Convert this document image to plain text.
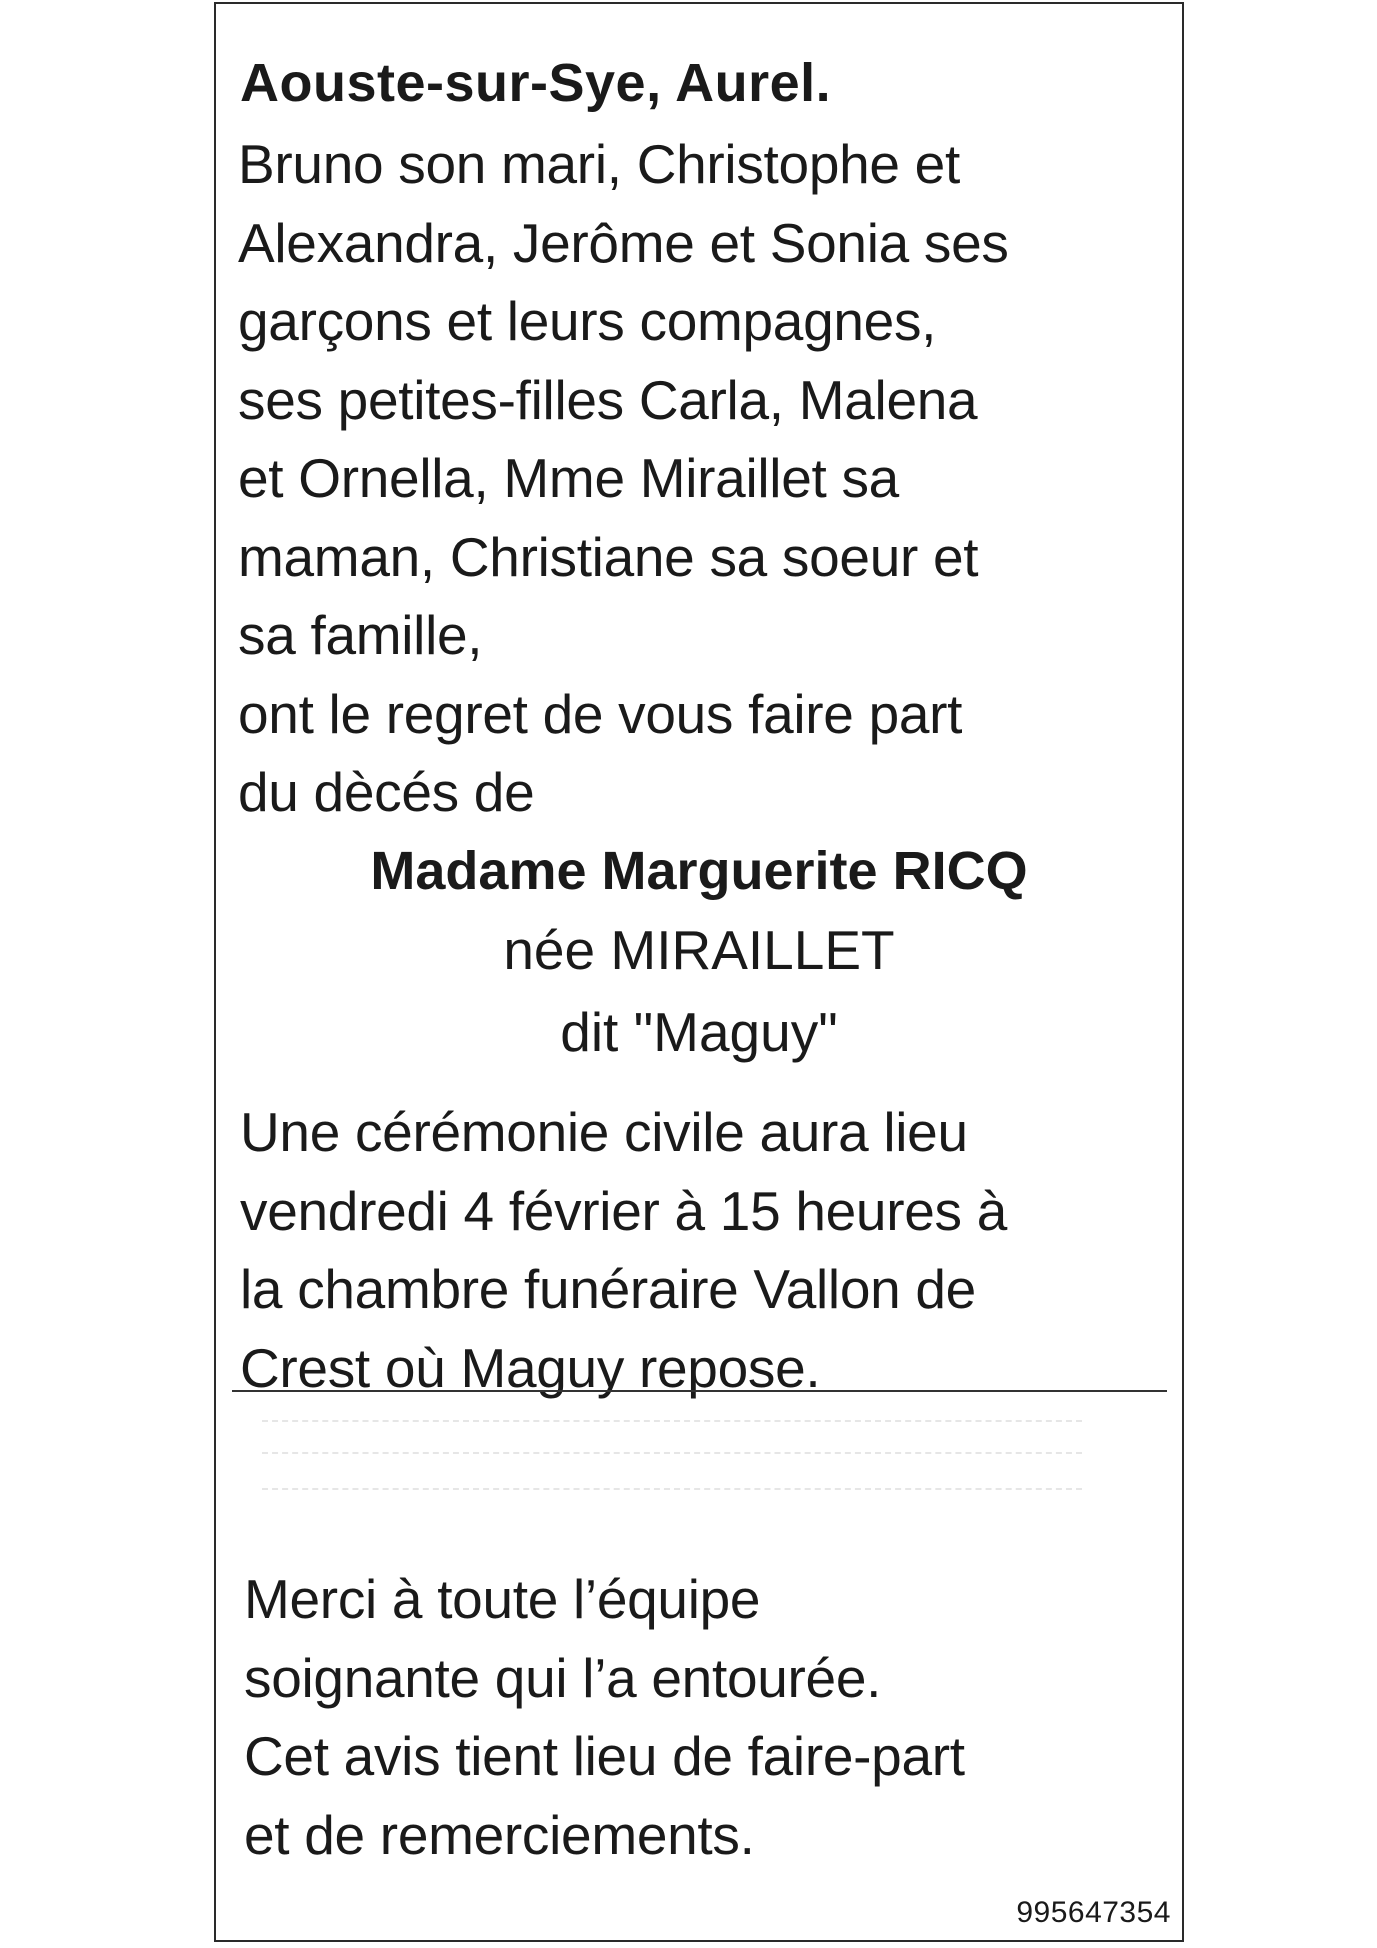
Aouste-sur-Sye, Aurel.

Bruno son mari, Christophe et
Alexandra, Jerôme et Sonia ses
garçons et leurs compagnes,
ses petites-filles Carla, Malena
et Ornella, Mme Miraillet sa
maman, Christiane sa soeur et
sa famille,
ont le regret de vous faire part
du dècés de

Madame Marguerite RICQ

née MIRAILLET

dit "Maguy"

Une cérémonie civile aura lieu
vendredi 4 février à 15 heures à
la chambre funéraire Vallon de
Crest où Maguy repose.

Merci à toute l’équipe
soignante qui l’a entourée.
Cet avis tient lieu de faire-part
et de remerciements.

995647354
